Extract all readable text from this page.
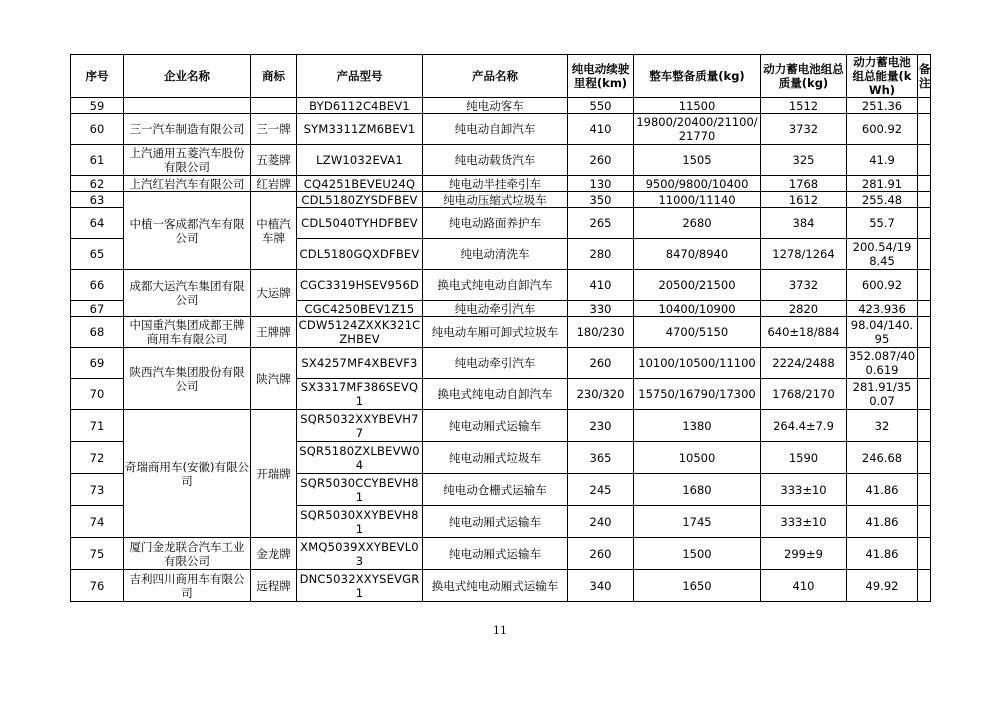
序号	企业名称	商标	产品型号	产品名称	纯电动续驶里程(km)	整车整备质量(kg)	动力蓄电池组总质量(kg)	动力蓄电池组总能量(kWh)	备注
59			BYD6112C4BEV1	纯电动客车	550	11500	1512	251.36	
60	三一汽车制造有限公司	三一牌	SYM3311ZM6BEV1	纯电动自卸汽车	410	19800/20400/21100/21770	3732	600.92	
61	上汽通用五菱汽车股份有限公司	五菱牌	LZW1032EVA1	纯电动载货汽车	260	1505	325	41.9	
62	上汽红岩汽车有限公司	红岩牌	CQ4251BEVEU24Q	纯电动半挂牵引车	130	9500/9800/10400	1768	281.91	
63	中植一客成都汽车有限公司	中植汽车牌	CDL5180ZYSDFBEV	纯电动压缩式垃圾车	350	11000/11140	1612	255.48	
64			CDL5040TYHDFBEV	纯电动路面养护车	265	2680	384	55.7	
65			CDL5180GQXDFBEV	纯电动清洗车	280	8470/8940	1278/1264	200.54/198.45	
66	成都大运汽车集团有限公司	大运牌	CGC3319HSEV956D	换电式纯电动自卸汽车	410	20500/21500	3732	600.92	
67			CGC4250BEV1Z15	纯电动牵引汽车	330	10400/10900	2820	423.936	
68	中国重汽集团成都王牌商用车有限公司	王牌牌	CDW5124ZXXK321CZHBEV	纯电动车厢可卸式垃圾车	180/230	4700/5150	640±18/884	98.04/140.95	
69	陕西汽车集团股份有限公司	陕汽牌	SX4257MF4XBEVF3	纯电动牵引汽车	260	10100/10500/11100	2224/2488	352.087/400.619	
70			SX3317MF386SEVQ1	换电式纯电动自卸汽车	230/320	15750/16790/17300	1768/2170	281.91/350.07	
71	奇瑞商用车(安徽)有限公司	开瑞牌	SQR5032XXYBEVH77	纯电动厢式运输车	230	1380	264.4±7.9	32	
72			SQR5180ZXLBEVW04	纯电动厢式垃圾车	365	10500	1590	246.68	
73			SQR5030CCYBEVH81	纯电动仓栅式运输车	245	1680	333±10	41.86	
74			SQR5030XXYBEVH81	纯电动厢式运输车	240	1745	333±10	41.86	
75	厦门金龙联合汽车工业有限公司	金龙牌	XMQ5039XXYBEVL03	纯电动厢式运输车	260	1500	299±9	41.86	
76	吉利四川商用车有限公司	远程牌	DNC5032XXYSEVGR1	换电式纯电动厢式运输车	340	1650	410	49.92	
11
